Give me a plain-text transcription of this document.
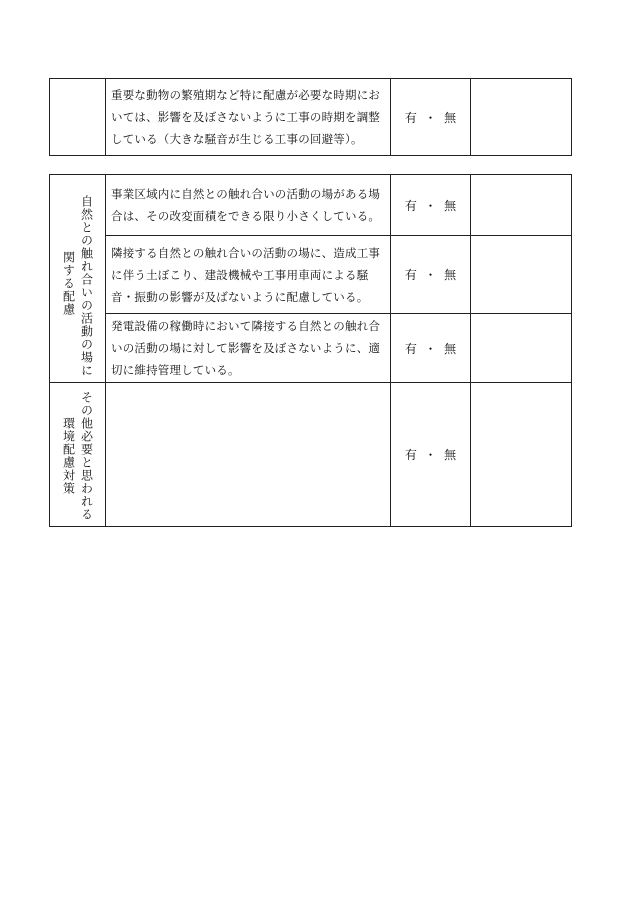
	重要な動物の繁殖期など特に配慮が必要な時期においては、影響を及ぼさないように工事の時期を調整している（大きな騒音が生じる工事の回避等）。	有 ・ 無	
自然との触れ合いの活動の場に
関する配慮	事業区域内に自然との触れ合いの活動の場がある場合は、その改変面積をできる限り小さくしている。	有 ・ 無	
	隣接する自然との触れ合いの活動の場に、造成工事に伴う土ぼこり、建設機械や工事用車両による騒音・振動の影響が及ばないように配慮している。	有 ・ 無	
	発電設備の稼働時において隣接する自然との触れ合いの活動の場に対して影響を及ぼさないように、適切に維持管理している。	有 ・ 無	

その他必要と思われる
環境配慮対策		有 ・ 無	
